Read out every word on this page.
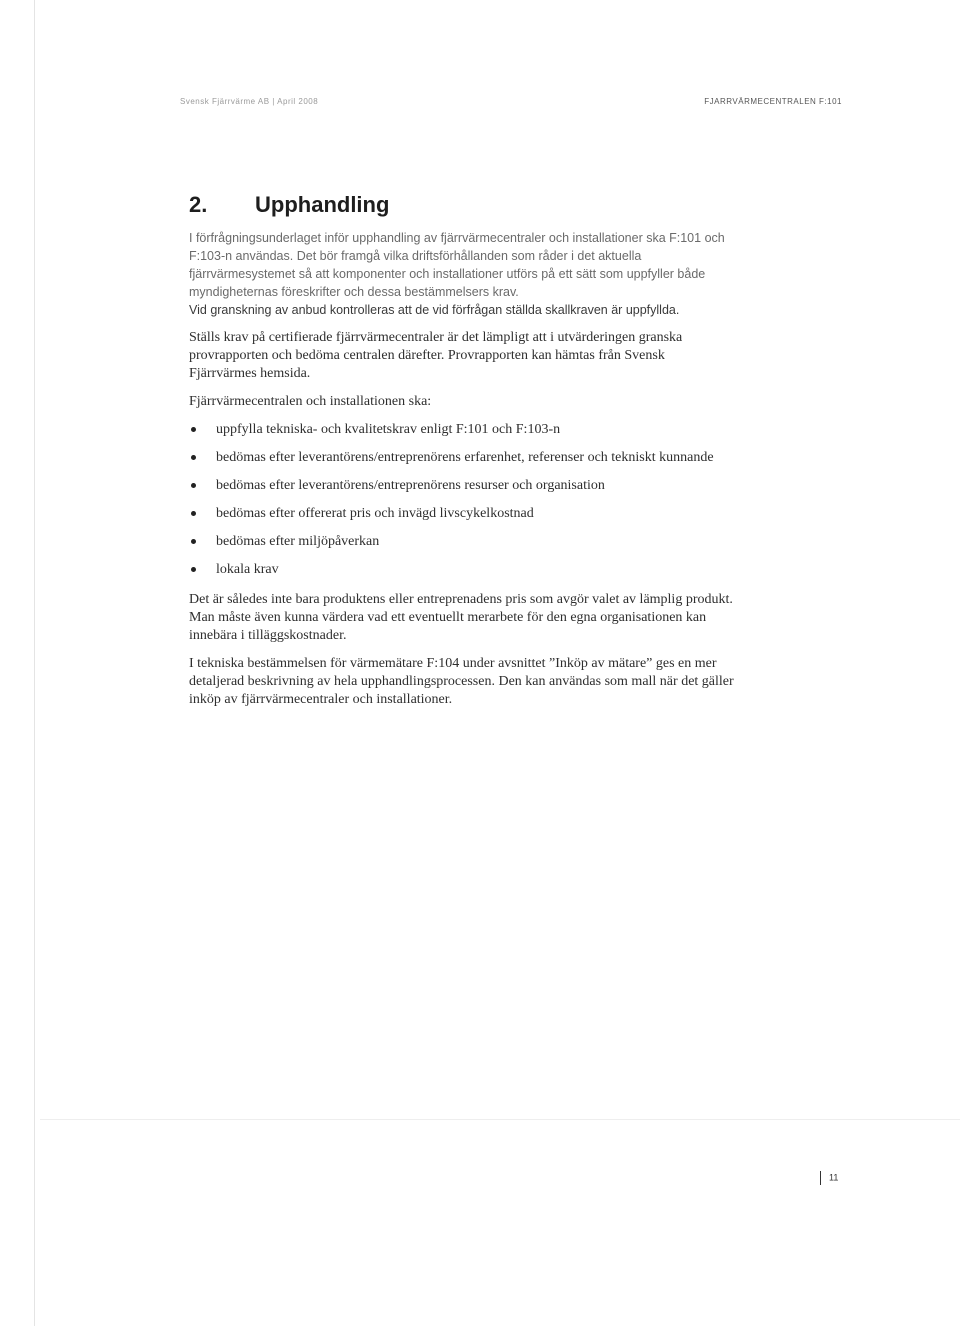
Svensk Fjärrvärme AB | April 2008	FJARRVÄRMECENTRALEN F:101
2. Upphandling

I förfrågningsunderlaget inför upphandling av fjärrvärmecentraler och installationer ska F:101 och F:103-n användas. Det bör framgå vilka driftsförhållanden som råder i det aktuella fjärrvärmesystemet så att komponenter och installationer utförs på ett sätt som uppfyller både myndigheternas föreskrifter och dessa bestämmelsers krav.

Vid granskning av anbud kontrolleras att de vid förfrågan ställda skallkraven är uppfyllda.

Ställs krav på certifierade fjärrvärmecentraler är det lämpligt att i utvärderingen granska provrapporten och bedöma centralen därefter. Provrapporten kan hämtas från Svensk Fjärrvärmes hemsida.

Fjärrvärmecentralen och installationen ska:

uppfylla tekniska- och kvalitetskrav enligt F:101 och F:103-n
bedömas efter leverantörens/entreprenörens erfarenhet, referenser och tekniskt kunnande
bedömas efter leverantörens/entreprenörens resurser och organisation
bedömas efter offererat pris och invägd livscykelkostnad
bedömas efter miljöpåverkan
lokala krav

Det är således inte bara produktens eller entreprenadens pris som avgör valet av lämplig produkt. Man måste även kunna värdera vad ett eventuellt merarbete för den egna organisationen kan innebära i tilläggskostnader.

I tekniska bestämmelsen för värmemätare F:104 under avsnittet ”Inköp av mätare” ges en mer detaljerad beskrivning av hela upphandlingsprocessen. Den kan användas som mall när det gäller inköp av fjärrvärmecentraler och installationer.

11
